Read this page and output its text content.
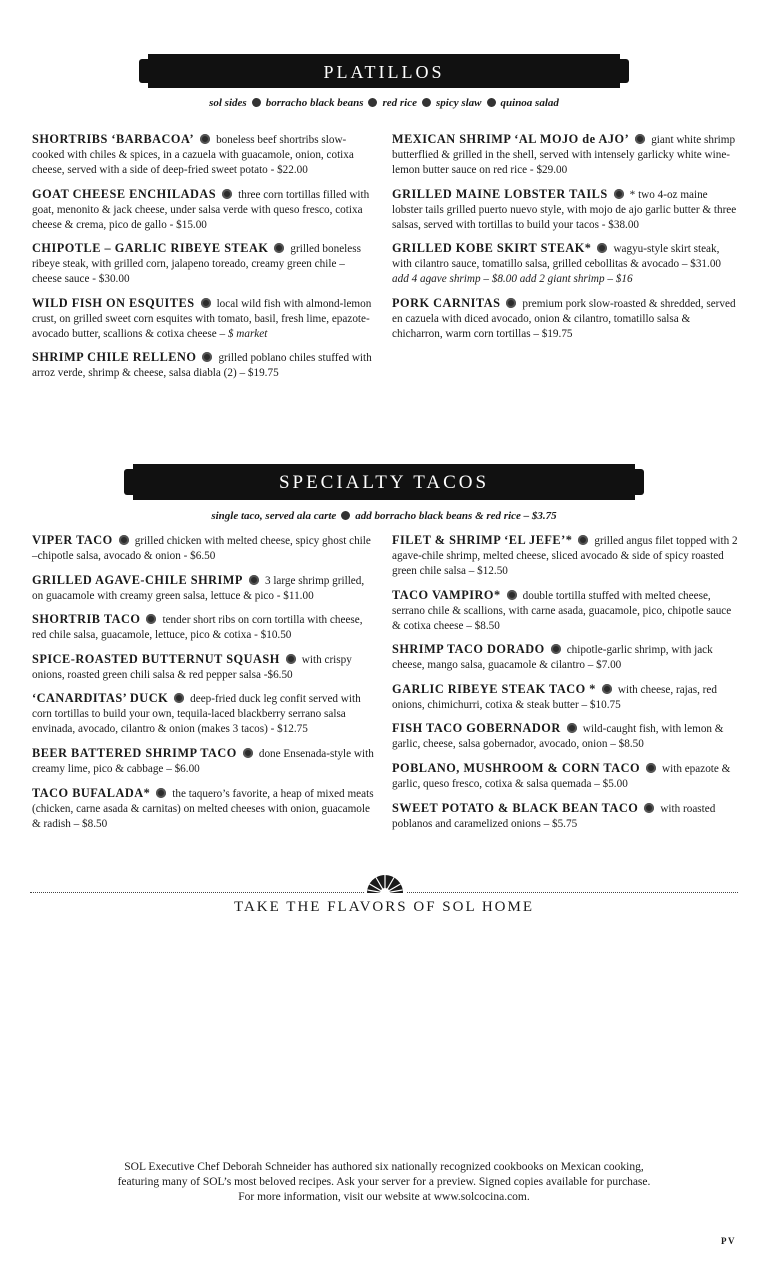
PLATILLOS
sol sides borracho black beans red rice spicy slaw quinoa salad
SHORTRIBS ‘BARBACOA’ boneless beef shortribs slow-cooked with chiles & spices, in a cazuela with guacamole, onion, cotixa cheese, served with a side of deep-fried sweet potato - $22.00
GOAT CHEESE ENCHILADAS three corn tortillas filled with goat, menonito & jack cheese, under salsa verde with queso fresco, cotixa cheese & crema, pico de gallo - $15.00
CHIPOTLE – GARLIC RIBEYE STEAK grilled boneless ribeye steak, with grilled corn, jalapeno toreado, creamy green chile –cheese sauce - $30.00
WILD FISH ON ESQUITES local wild fish with almond-lemon crust, on grilled sweet corn esquites with tomato, basil, fresh lime, epazote-avocado butter, scallions & cotixa cheese – $ market
SHRIMP CHILE RELLENO grilled poblano chiles stuffed with arroz verde, shrimp & cheese, salsa diabla (2) – $19.75
MEXICAN SHRIMP ‘AL MOJO de AJO’ giant white shrimp butterflied & grilled in the shell, served with intensely garlicky white wine-lemon butter sauce on red rice - $29.00
GRILLED MAINE LOBSTER TAILS * two 4-oz maine lobster tails grilled puerto nuevo style, with mojo de ajo garlic butter & three salsas, served with tortillas to build your tacos - $38.00
GRILLED KOBE SKIRT STEAK* wagyu-style skirt steak, with cilantro sauce, tomatillo salsa, grilled cebollitas & avocado – $31.00 add 4 agave shrimp – $8.00 add 2 giant shrimp – $16
PORK CARNITAS premium pork slow-roasted & shredded, served en cazuela with diced avocado, onion & cilantro, tomatillo salsa & chicharron, warm corn tortillas – $19.75
SPECIALTY TACOS
single taco, served ala carte add borracho black beans & red rice – $3.75
VIPER TACO grilled chicken with melted cheese, spicy ghost chile –chipotle salsa, avocado & onion - $6.50
GRILLED AGAVE-CHILE SHRIMP 3 large shrimp grilled, on guacamole with creamy green salsa, lettuce & pico - $11.00
SHORTRIB TACO tender short ribs on corn tortilla with cheese, red chile salsa, guacamole, lettuce, pico & cotixa - $10.50
SPICE-ROASTED BUTTERNUT SQUASH with crispy onions, roasted green chili salsa & red pepper salsa -$6.50
‘CANARDITAS’ DUCK deep-fried duck leg confit served with corn tortillas to build your own, tequila-laced blackberry serrano salsa envinada, avocado, cilantro & onion (makes 3 tacos) - $12.75
BEER BATTERED SHRIMP TACO done Ensenada-style with creamy lime, pico & cabbage – $6.00
TACO BUFALADA* the taquero’s favorite, a heap of mixed meats (chicken, carne asada & carnitas) on melted cheeses with onion, guacamole & radish – $8.50
FILET & SHRIMP ‘EL JEFE’* grilled angus filet topped with 2 agave-chile shrimp, melted cheese, sliced avocado & side of spicy roasted green chile salsa – $12.50
TACO VAMPIRO* double tortilla stuffed with melted cheese, serrano chile & scallions, with carne asada, guacamole, pico, chipotle sauce & cotixa cheese – $8.50
SHRIMP TACO DORADO chipotle-garlic shrimp, with jack cheese, mango salsa, guacamole & cilantro – $7.00
GARLIC RIBEYE STEAK TACO * with cheese, rajas, red onions, chimichurri, cotixa & steak butter – $10.75
FISH TACO GOBERNADOR wild-caught fish, with lemon & garlic, cheese, salsa gobernador, avocado, onion – $8.50
POBLANO, MUSHROOM & CORN TACO with epazote & garlic, queso fresco, cotixa & salsa quemada – $5.00
SWEET POTATO & BLACK BEAN TACO with roasted poblanos and caramelized onions – $5.75
TAKE THE FLAVORS OF SOL HOME
SOL Executive Chef Deborah Schneider has authored six nationally recognized cookbooks on Mexican cooking, featuring many of SOL’s most beloved recipes. Ask your server for a preview. Signed copies available for purchase. For more information, visit our website at www.solcocina.com.
PV
